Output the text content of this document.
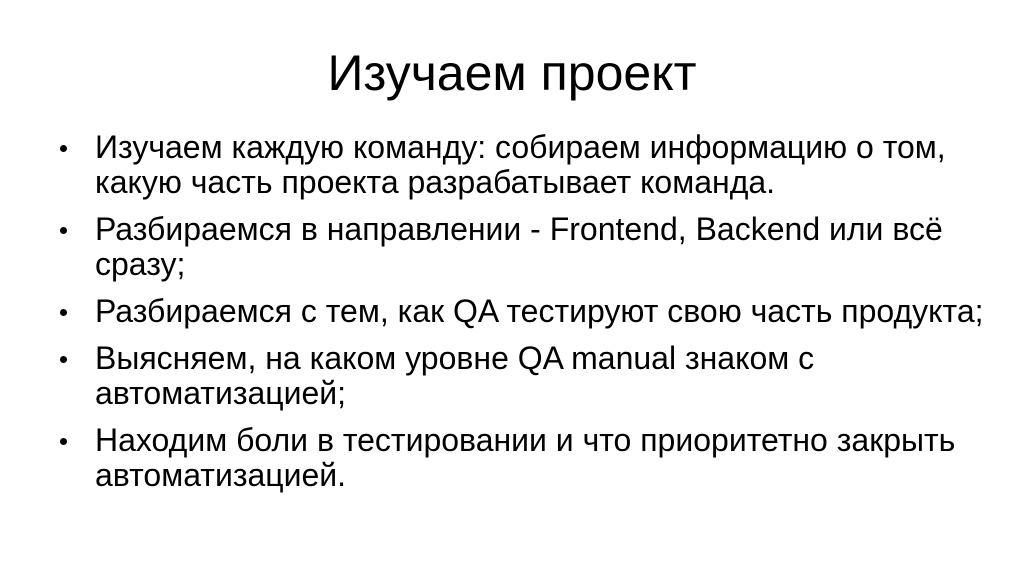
Изучаем проект
Изучаем каждую команду: собираем информацию о том, какую часть проекта разрабатывает команда.
Разбираемся в направлении - Frontend, Backend или всё сразу;
Разбираемся с тем, как QA тестируют свою часть продукта;
Выясняем, на каком уровне QA manual знаком с автоматизацией;
Находим боли в тестировании и что приоритетно закрыть автоматизацией.
